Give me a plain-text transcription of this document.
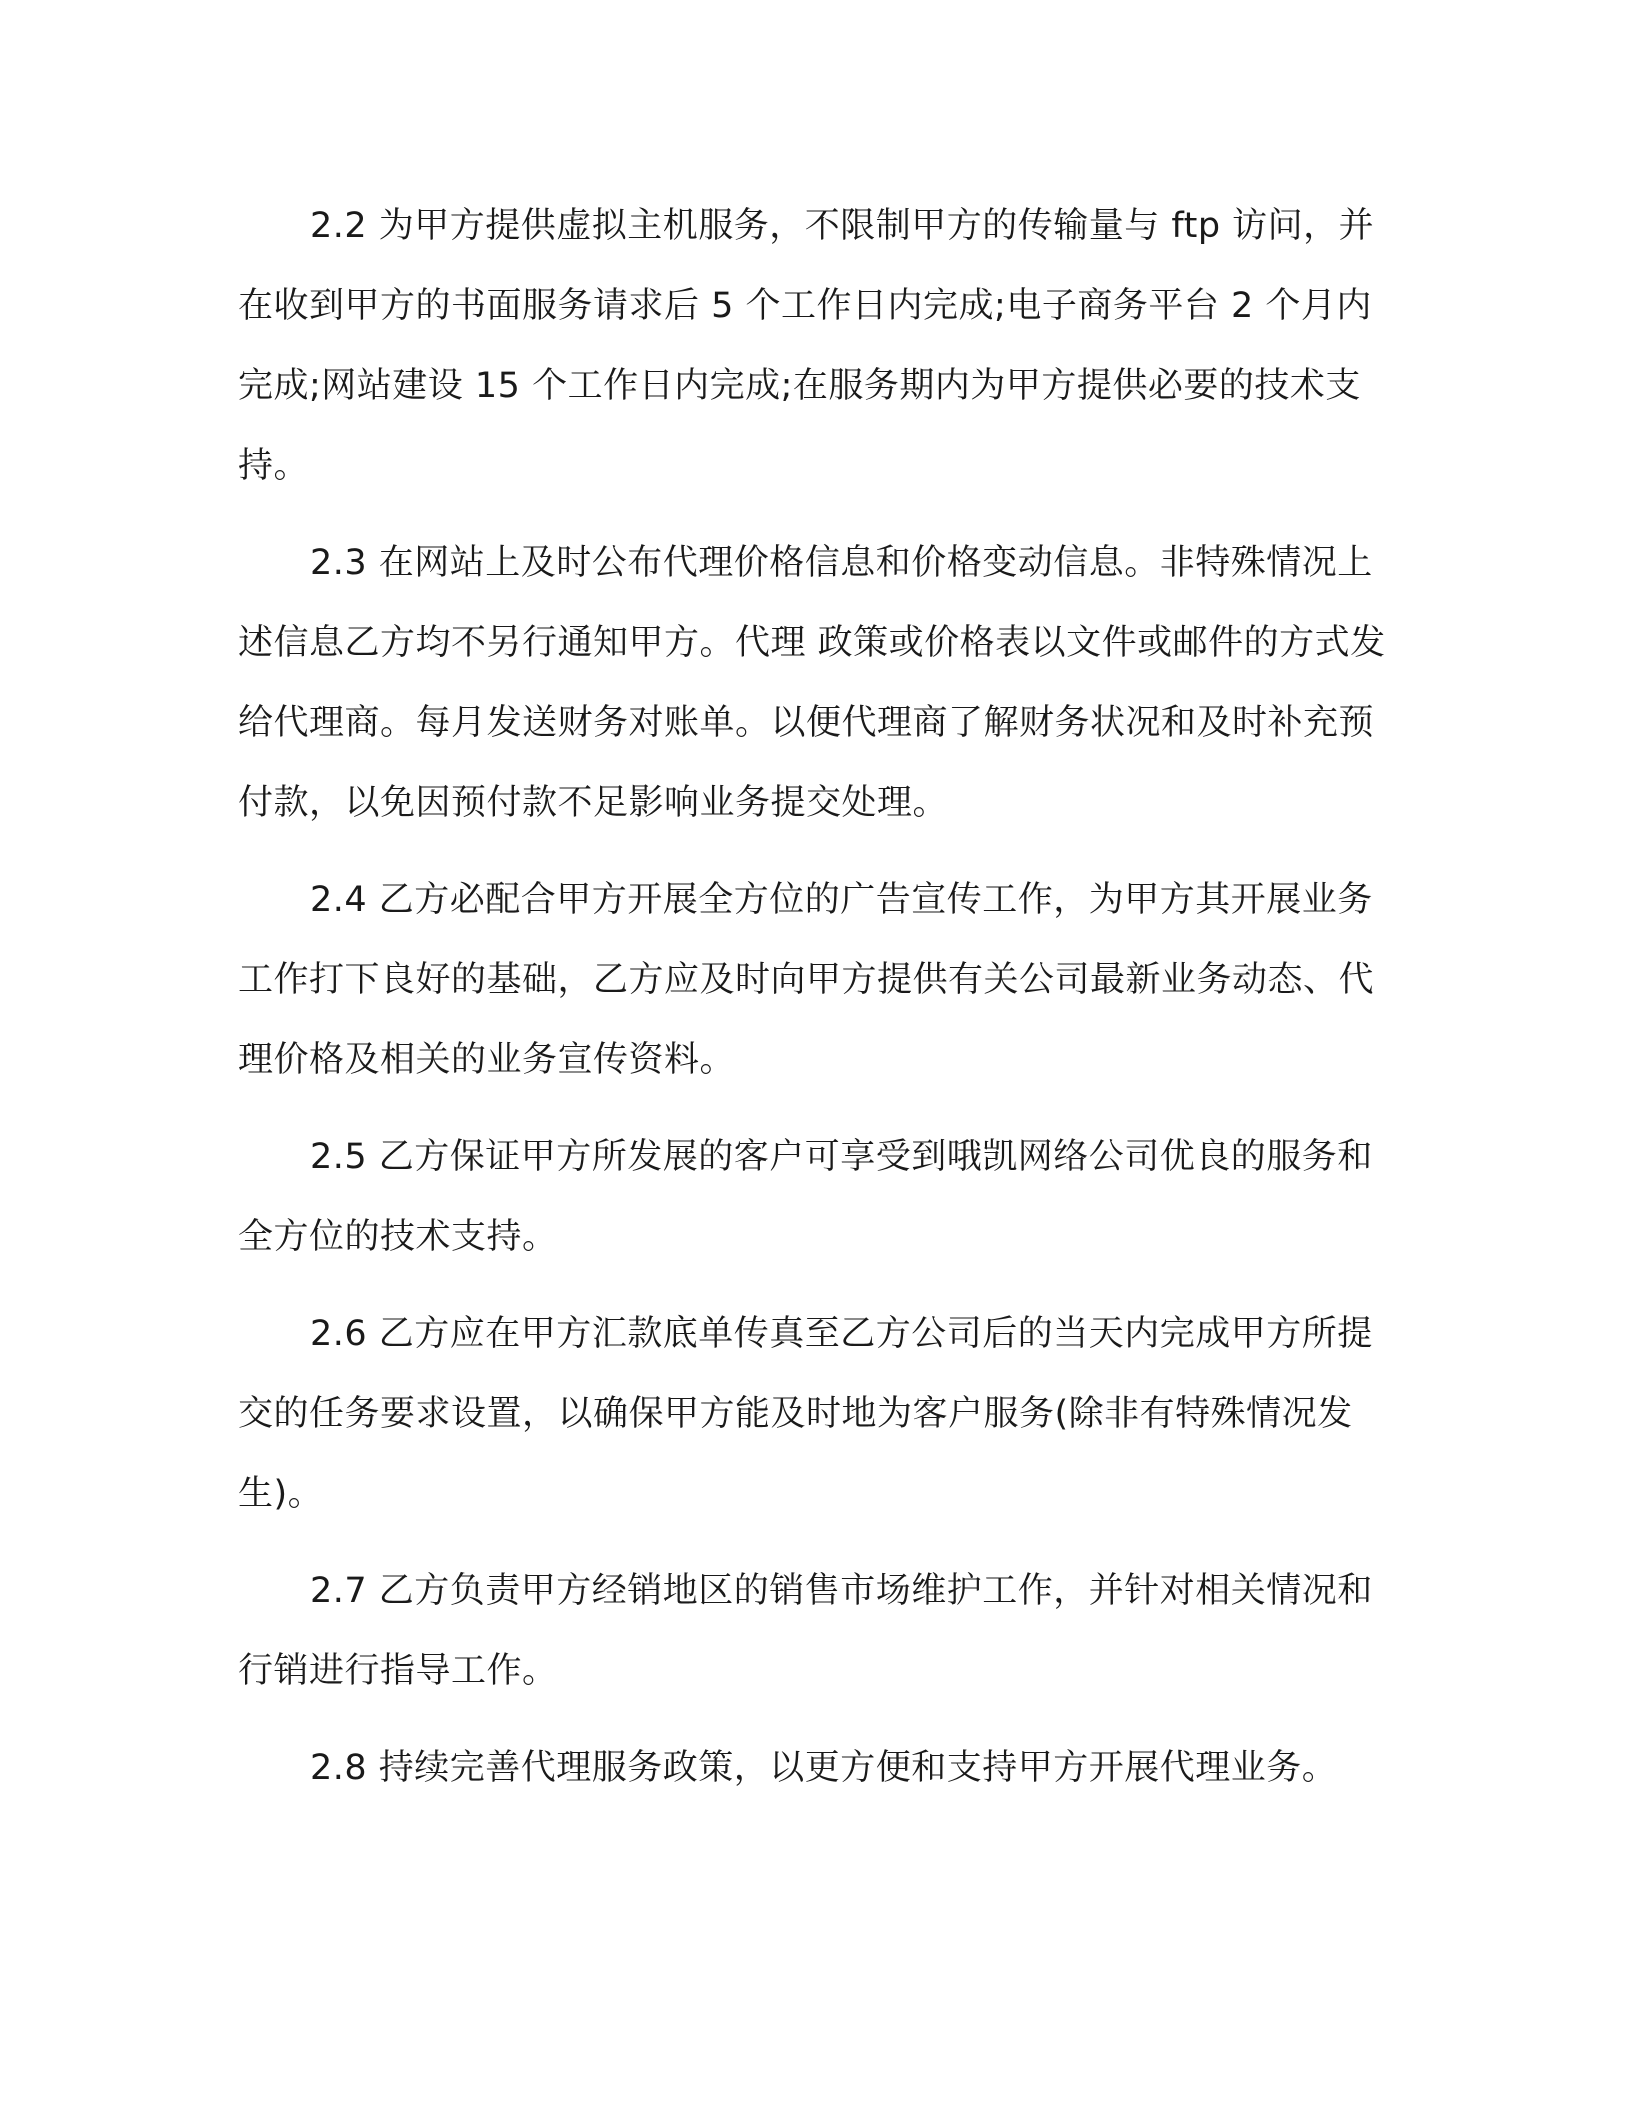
2.2 为甲方提供虚拟主机服务，不限制甲方的传输量与 ftp 访问，并在收到甲方的书面服务请求后 5 个工作日内完成;电子商务平台 2 个月内完成;网站建设 15 个工作日内完成;在服务期内为甲方提供必要的技术支持。

2.3 在网站上及时公布代理价格信息和价格变动信息。非特殊情况上述信息乙方均不另行通知甲方。代理 政策或价格表以文件或邮件的方式发给代理商。每月发送财务对账单。以便代理商了解财务状况和及时补充预付款，以免因预付款不足影响业务提交处理。

2.4 乙方必配合甲方开展全方位的广告宣传工作，为甲方其开展业务工作打下良好的基础，乙方应及时向甲方提供有关公司最新业务动态、代理价格及相关的业务宣传资料。

2.5 乙方保证甲方所发展的客户可享受到哦凯网络公司优良的服务和全方位的技术支持。

2.6 乙方应在甲方汇款底单传真至乙方公司后的当天内完成甲方所提交的任务要求设置，以确保甲方能及时地为客户服务(除非有特殊情况发生)。

2.7 乙方负责甲方经销地区的销售市场维护工作，并针对相关情况和行销进行指导工作。

2.8 持续完善代理服务政策，以更方便和支持甲方开展代理业务。
